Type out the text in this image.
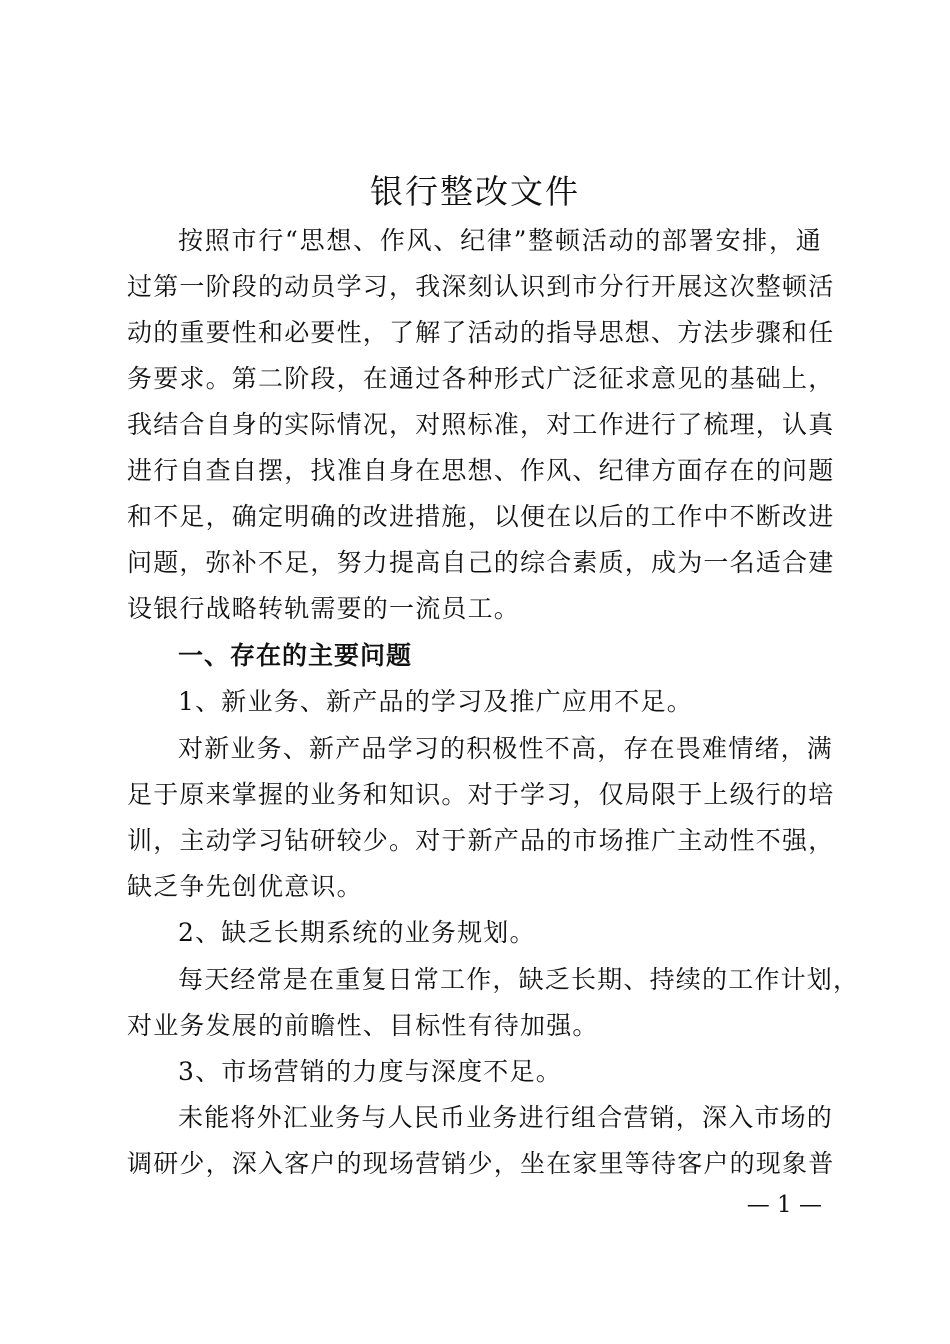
银行整改文件
按照市行“思想、作风、纪律”整顿活动的部署安排，通
过第一阶段的动员学习，我深刻认识到市分行开展这次整顿活
动的重要性和必要性，了解了活动的指导思想、方法步骤和任
务要求。第二阶段，在通过各种形式广泛征求意见的基础上，
我结合自身的实际情况，对照标准，对工作进行了梳理，认真
进行自查自摆，找准自身在思想、作风、纪律方面存在的问题
和不足，确定明确的改进措施，以便在以后的工作中不断改进
问题，弥补不足，努力提高自己的综合素质，成为一名适合建
设银行战略转轨需要的一流员工。
一、存在的主要问题
1、新业务、新产品的学习及推广应用不足。
对新业务、新产品学习的积极性不高，存在畏难情绪，满
足于原来掌握的业务和知识。对于学习，仅局限于上级行的培
训，主动学习钻研较少。对于新产品的市场推广主动性不强，
缺乏争先创优意识。
2、缺乏长期系统的业务规划。
每天经常是在重复日常工作，缺乏长期、持续的工作计划，
对业务发展的前瞻性、目标性有待加强。
3、市场营销的力度与深度不足。
未能将外汇业务与人民币业务进行组合营销，深入市场的
调研少，深入客户的现场营销少，坐在家里等待客户的现象普
— 1 —
